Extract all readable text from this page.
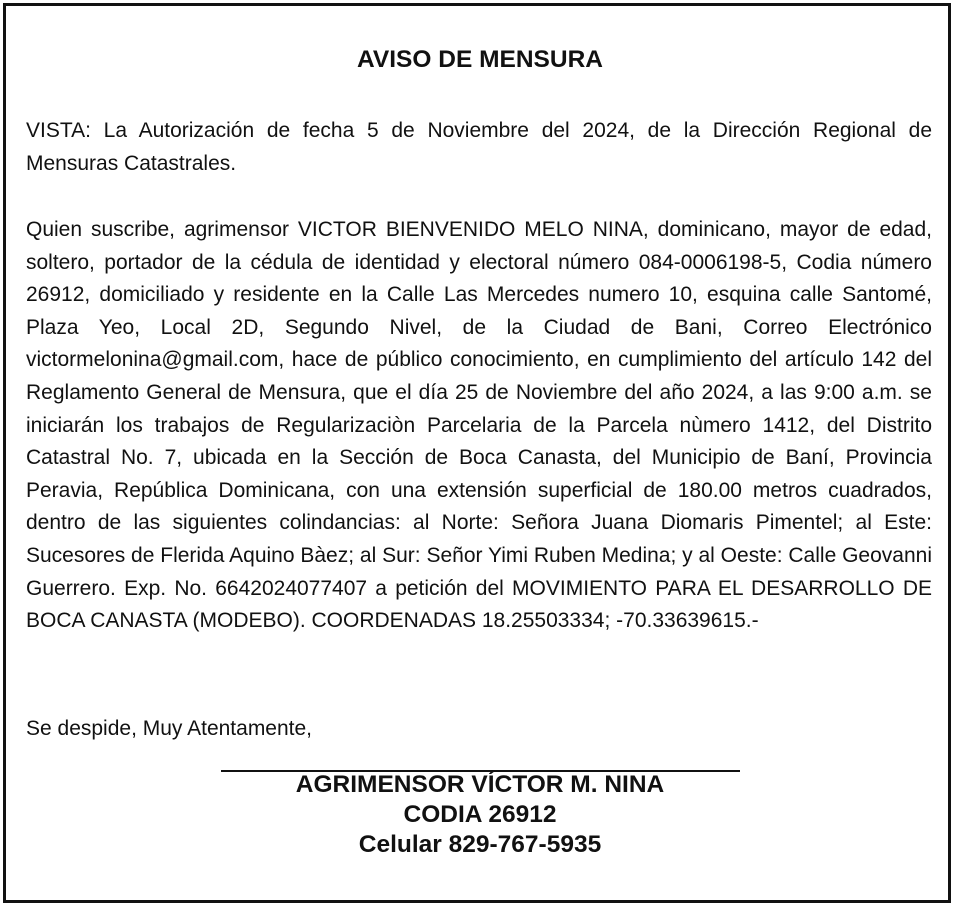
AVISO DE MENSURA

VISTA: La Autorización de fecha 5 de Noviembre del 2024, de la Dirección Regional de Mensuras Catastrales.

Quien suscribe, agrimensor VICTOR BIENVENIDO MELO NINA, dominicano, mayor de edad, soltero, portador de la cédula de identidad y electoral número 084-0006198-5, Codia número 26912, domiciliado y residente en la Calle Las Mercedes numero 10, esquina calle Santomé, Plaza Yeo, Local 2D, Segundo Nivel, de la Ciudad de Bani, Correo Electrónico victormelonina@gmail.com, hace de público conocimiento, en cumplimiento del artículo 142 del Reglamento General de Mensura, que el día 25 de Noviembre del año 2024, a las 9:00 a.m. se iniciarán los trabajos de Regularizaciòn Parcelaria de la Parcela nùmero 1412, del Distrito Catastral No. 7, ubicada en la Sección de Boca Canasta, del Municipio de Baní, Provincia Peravia, República Dominicana, con una extensión superficial de 180.00 metros cuadrados, dentro de las siguientes colindancias: al Norte: Señora Juana Diomaris Pimentel; al Este: Sucesores de Flerida Aquino Bàez; al Sur: Señor Yimi Ruben Medina; y al Oeste: Calle Geovanni Guerrero. Exp. No. 6642024077407 a petición del MOVIMIENTO PARA EL DESARROLLO DE BOCA CANASTA (MODEBO). COORDENADAS 18.25503334; -70.33639615.-

Se despide, Muy Atentamente,

AGRIMENSOR VÍCTOR M. NINA
CODIA 26912
Celular 829-767-5935
